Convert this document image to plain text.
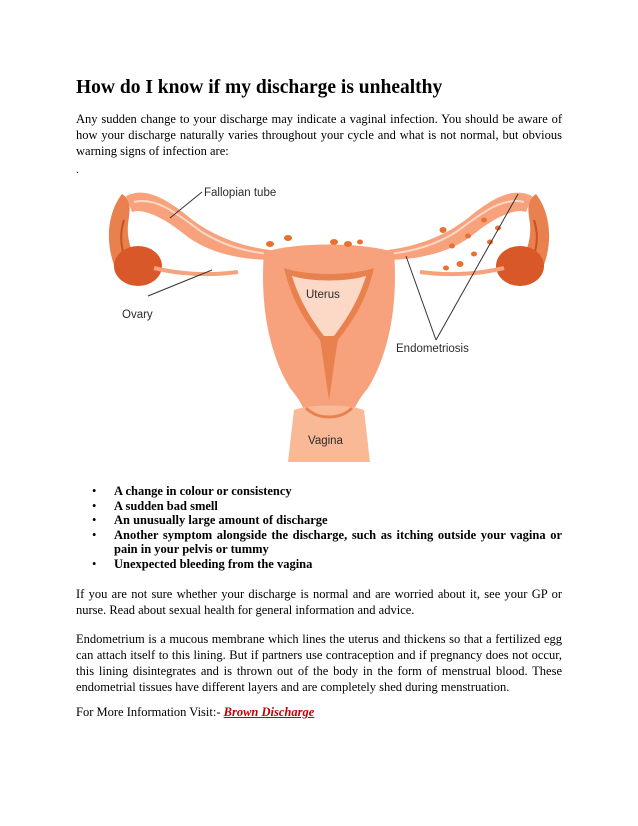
How do I know if my discharge is unhealthy
Any sudden change to your discharge may indicate a vaginal infection. You should be aware of how your discharge naturally varies throughout your cycle and what is not normal, but obvious warning signs of infection are:
.
Fallopian tube
Ovary
Uterus
Endometriosis
Vagina
• A change in colour or consistency
• A sudden bad smell
• An unusually large amount of discharge
• Another symptom alongside the discharge, such as itching outside your vagina or pain in your pelvis or tummy
• Unexpected bleeding from the vagina
If you are not sure whether your discharge is normal and are worried about it, see your GP or nurse. Read about sexual health for general information and advice.
Endometrium is a mucous membrane which lines the uterus and thickens so that a fertilized egg can attach itself to this lining. But if partners use contraception and if pregnancy does not occur, this lining disintegrates and is thrown out of the body in the form of menstrual blood. These endometrial tissues have different layers and are completely shed during menstruation.
For More Information Visit:- Brown Discharge
